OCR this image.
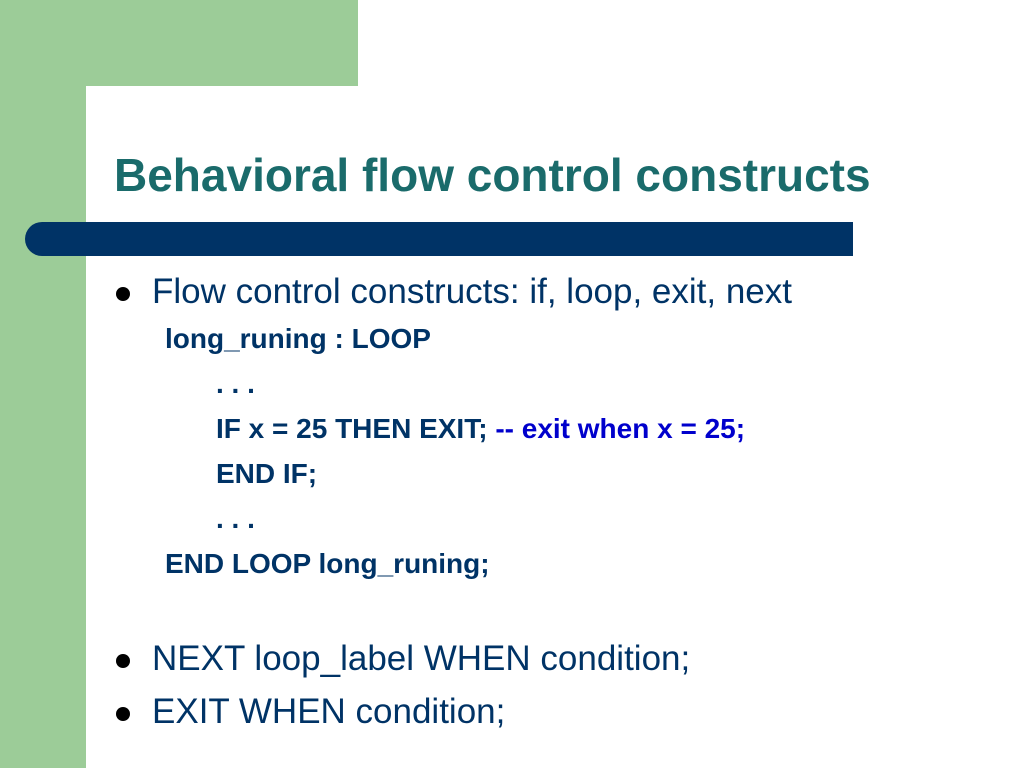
Behavioral flow control constructs
Flow control constructs: if, loop, exit, next
long_runing : LOOP
. . .
IF x = 25 THEN EXIT; -- exit when x = 25;
END IF;
. . .
END LOOP long_runing;
NEXT loop_label WHEN condition;
EXIT WHEN condition;
